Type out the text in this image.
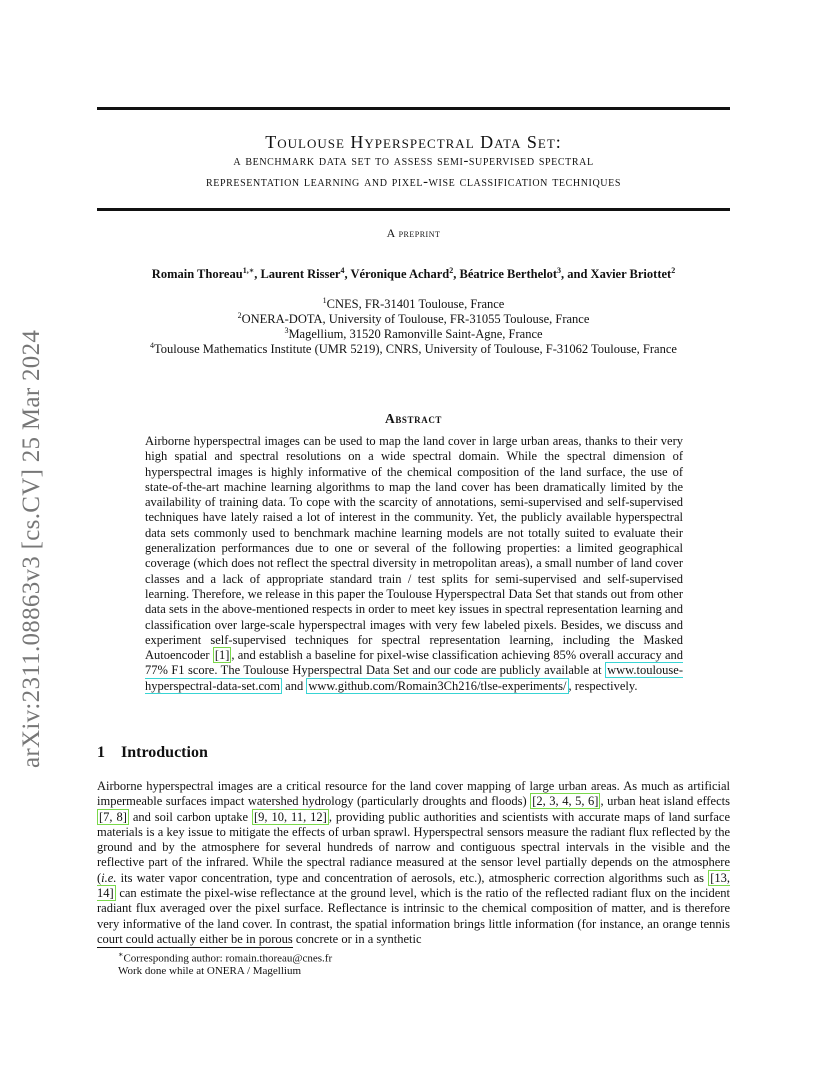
arXiv:2311.08863v3 [cs.CV] 25 Mar 2024
Toulouse Hyperspectral Data Set:
a benchmark data set to assess semi-supervised spectral
representation learning and pixel-wise classification techniques
A preprint
Romain Thoreau$^{1,∗}$, Laurent Risser$^4$, Véronique Achard$^2$, Béatrice Berthelot$^3$, and Xavier Briottet$^2$
$^1$CNES, FR-31401 Toulouse, France
$^2$ONERA-DOTA, University of Toulouse, FR-31055 Toulouse, France
$^3$Magellium, 31520 Ramonville Saint-Agne, France
$^4$Toulouse Mathematics Institute (UMR 5219), CNRS, University of Toulouse, F-31062 Toulouse, France
Abstract
Airborne hyperspectral images can be used to map the land cover in large urban areas, thanks to their very high spatial and spectral resolutions on a wide spectral domain. While the spectral dimension of hyperspectral images is highly informative of the chemical composition of the land surface, the use of state-of-the-art machine learning algorithms to map the land cover has been dramatically limited by the availability of training data. To cope with the scarcity of annotations, semi-supervised and self-supervised techniques have lately raised a lot of interest in the community. Yet, the publicly available hyperspectral data sets commonly used to benchmark machine learning models are not totally suited to evaluate their generalization performances due to one or several of the following properties: a limited geographical coverage (which does not reflect the spectral diversity in metropolitan areas), a small number of land cover classes and a lack of appropriate standard train / test splits for semi-supervised and self-supervised learning. Therefore, we release in this paper the Toulouse Hyperspectral Data Set that stands out from other data sets in the above-mentioned respects in order to meet key issues in spectral representation learning and classification over large-scale hyperspectral images with very few labeled pixels. Besides, we discuss and experiment self-supervised techniques for spectral representation learning, including the Masked Autoencoder [1] , and establish a baseline for pixel-wise classification achieving 85% overall accuracy and 77% F1 score. The Toulouse Hyperspectral Data Set and our code are publicly available at www.toulouse-hyperspectral-data-set.com and www.github.com/Romain3Ch216/tlse-experiments/ , respectively.
1 Introduction
Airborne hyperspectral images are a critical resource for the land cover mapping of large urban areas. As much as artificial impermeable surfaces impact watershed hydrology (particularly droughts and floods) [2, 3, 4, 5, 6] , urban heat island effects [7, 8] and soil carbon uptake [9, 10, 11, 12] , providing public authorities and scientists with accurate maps of land surface materials is a key issue to mitigate the effects of urban sprawl. Hyperspectral sensors measure the radiant flux reflected by the ground and by the atmosphere for several hundreds of narrow and contiguous spectral intervals in the visible and the reflective part of the infrared. While the spectral radiance measured at the sensor level partially depends on the atmosphere (i.e. its water vapor concentration, type and concentration of aerosols, etc.), atmospheric correction algorithms such as [13, 14] can estimate the pixel-wise reflectance at the ground level, which is the ratio of the reflected radiant flux on the incident radiant flux averaged over the pixel surface. Reflectance is intrinsic to the chemical composition of matter, and is therefore very informative of the land cover. In contrast, the spatial information brings little information (for instance, an orange tennis court could actually either be in porous concrete or in a synthetic
∗Corresponding author: romain.thoreau@cnes.fr
Work done while at ONERA / Magellium
